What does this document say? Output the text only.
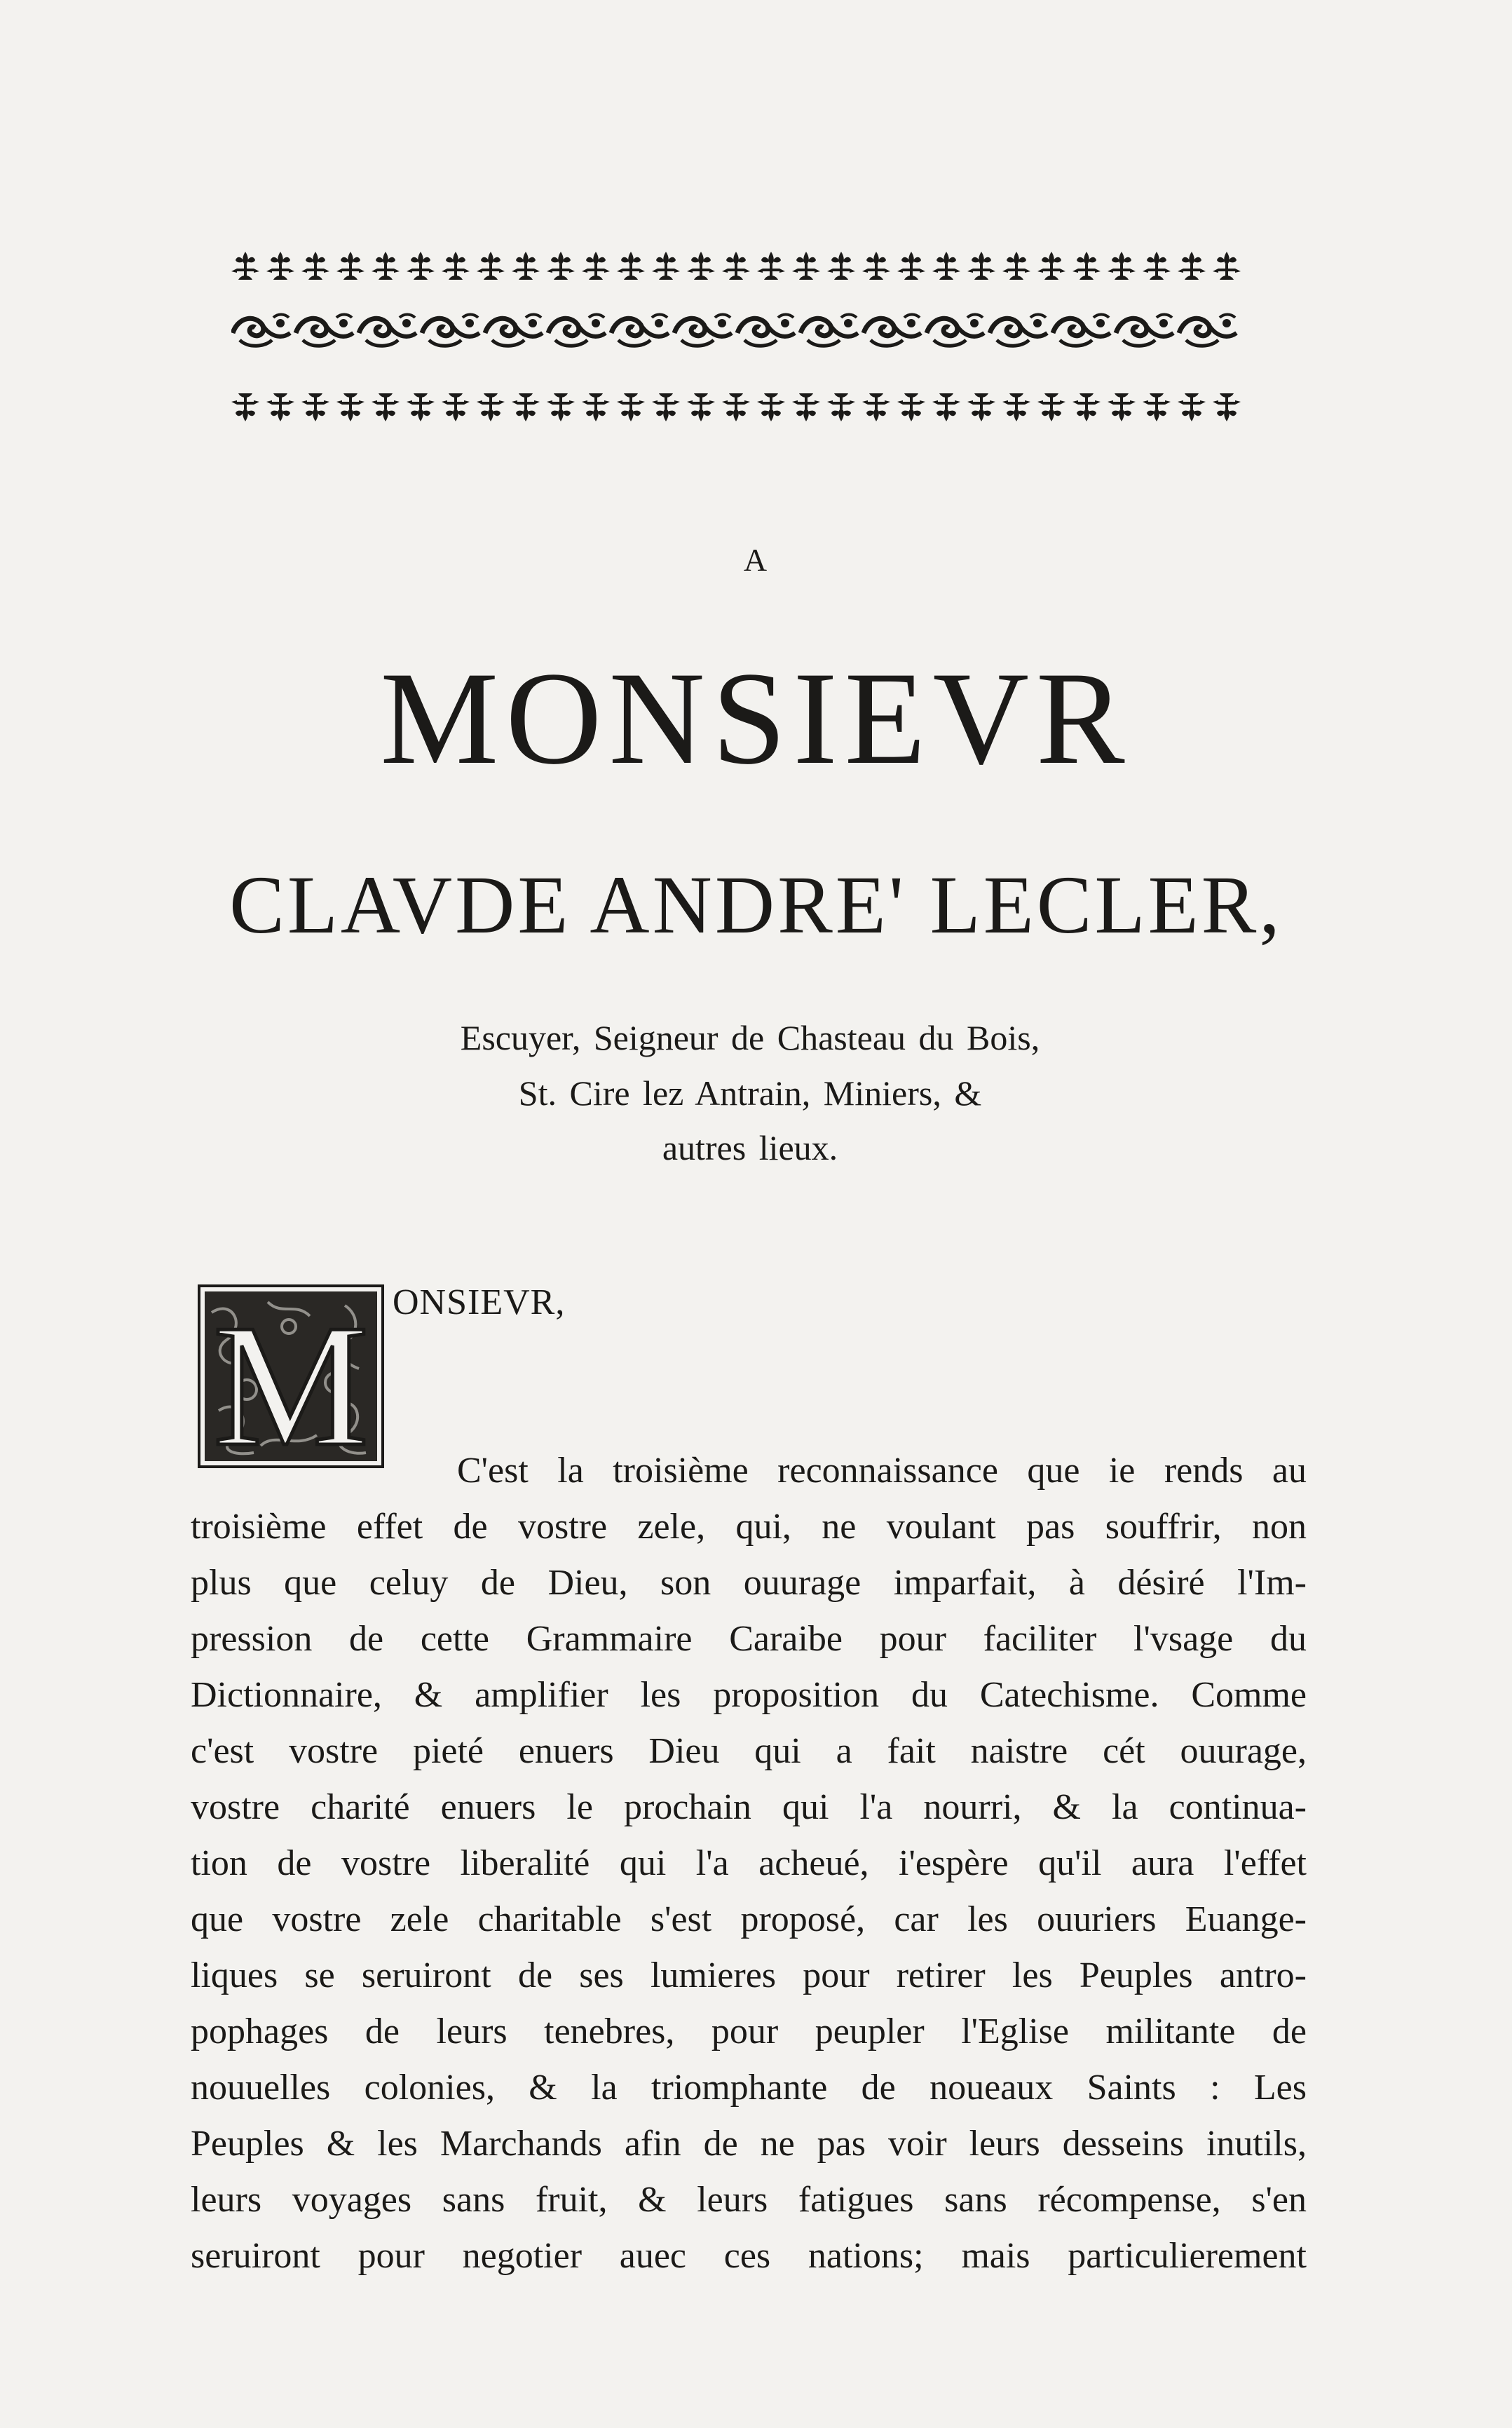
A
MONSIEVR
CLAVDE ANDRE' LECLER,
Escuyer, Seigneur de Chasteau du Bois,
St. Cire lez Antrain, Miniers, &
autres lieux.
M ONSIEVR,
C'est la troisième reconnaissance que ie rends au
troisième effet de vostre zele, qui, ne voulant pas souffrir, non
plus que celuy de Dieu, son ouurage imparfait, à désiré l'Im-
pression de cette Grammaire Caraibe pour faciliter l'vsage du
Dictionnaire, & amplifier les proposition du Catechisme. Comme
c'est vostre pieté enuers Dieu qui a fait naistre cét ouurage,
vostre charité enuers le prochain qui l'a nourri, & la continua-
tion de vostre liberalité qui l'a acheué, i'espère qu'il aura l'effet
que vostre zele charitable s'est proposé, car les ouuriers Euange-
liques se seruiront de ses lumieres pour retirer les Peuples antro-
pophages de leurs tenebres, pour peupler l'Eglise militante de
nouuelles colonies, & la triomphante de noueaux Saints : Les
Peuples & les Marchands afin de ne pas voir leurs desseins inutils,
leurs voyages sans fruit, & leurs fatigues sans récompense, s'en
seruiront pour negotier auec ces nations; mais particulierement
